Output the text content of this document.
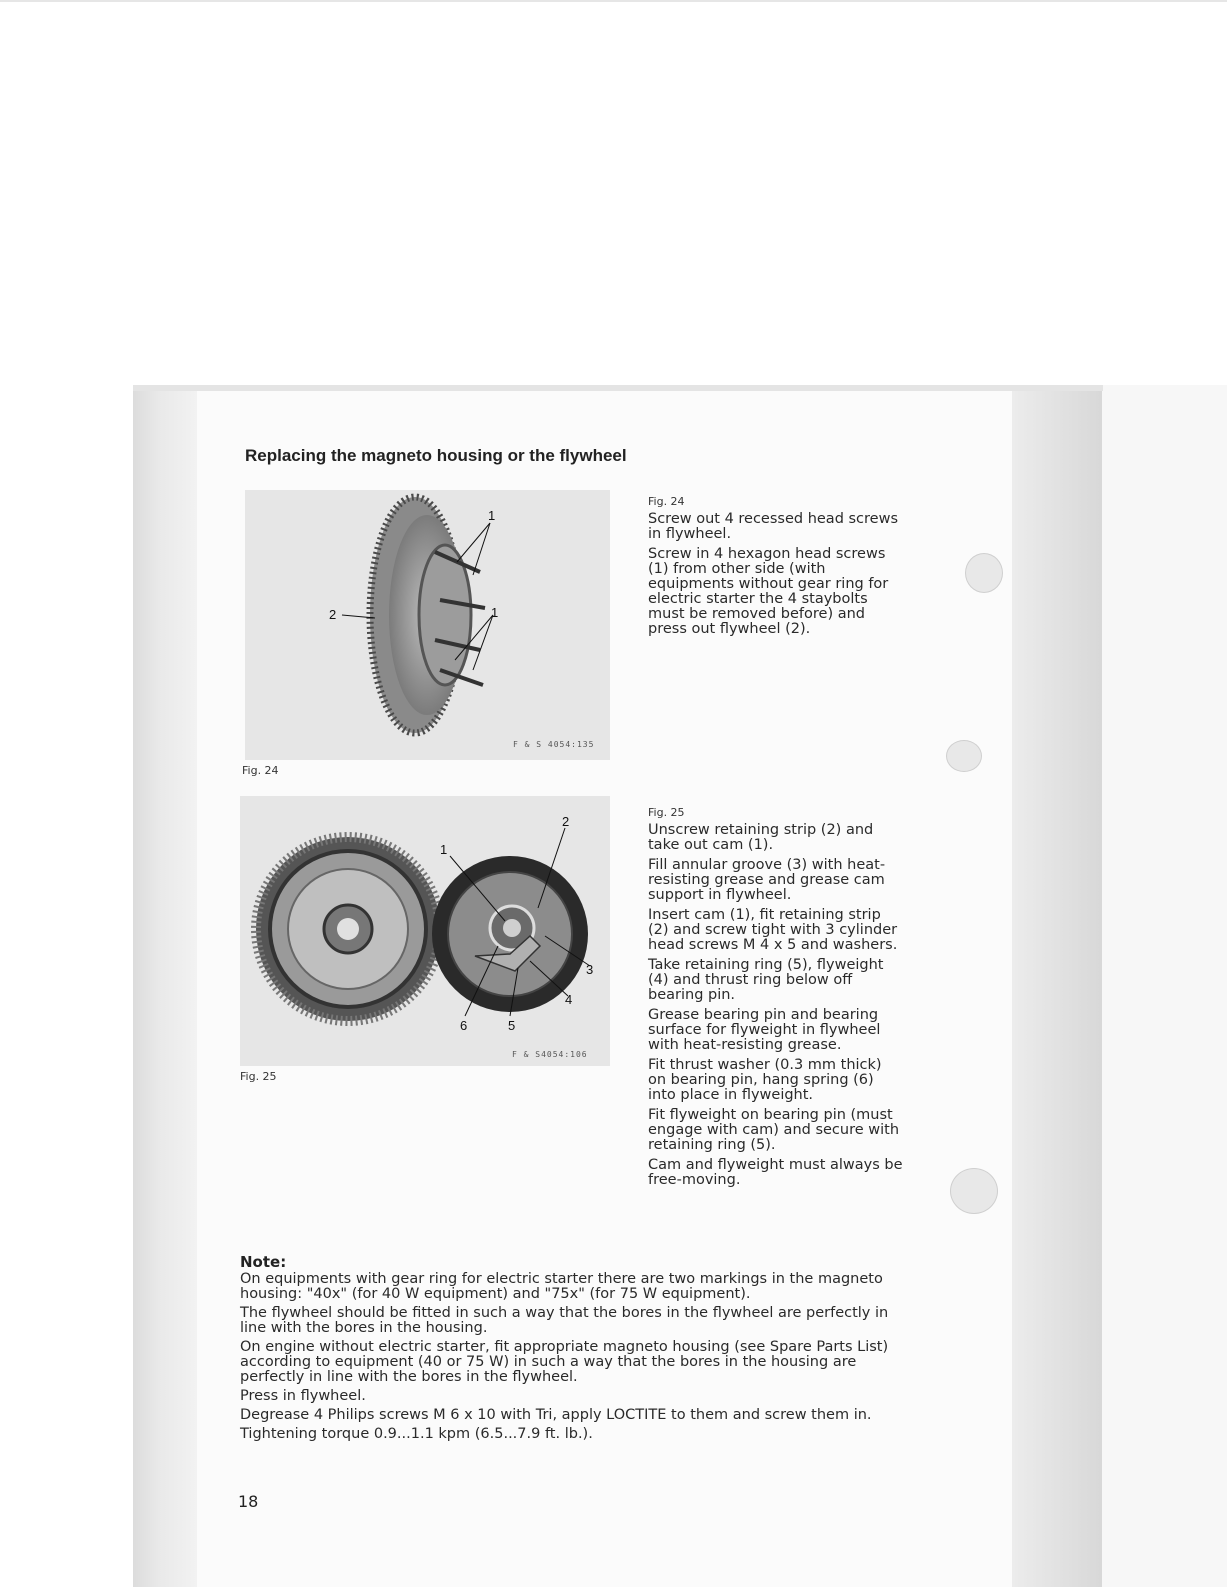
Replacing the magneto housing or the flywheel
1
2	1
F & S 4054:135
Fig. 24
Fig. 24

Screw out 4 recessed head screws in flywheel.

Screw in 4 hexagon head screws (1) from other side (with equipments without gear ring for electric starter the 4 staybolts must be removed before) and press out flywheel (2).

2
1
3
4
6	5
F & S4054:106
Fig. 25
Fig. 25

Unscrew retaining strip (2) and take out cam (1).

Fill annular groove (3) with heat-resisting grease and grease cam support in flywheel.

Insert cam (1), fit retaining strip (2) and screw tight with 3 cylinder head screws M 4 x 5 and washers.

Take retaining ring (5), flyweight (4) and thrust ring below off bearing pin.

Grease bearing pin and bearing surface for flyweight in flywheel with heat-resisting grease.

Fit thrust washer (0.3 mm thick) on bearing pin, hang spring (6) into place in flyweight.

Fit flyweight on bearing pin (must engage with cam) and secure with retaining ring (5).

Cam and flyweight must always be free-moving.

Note:

On equipments with gear ring for electric starter there are two markings in the magneto housing: "40x" (for 40 W equipment) and "75x" (for 75 W equipment).

The flywheel should be fitted in such a way that the bores in the flywheel are perfectly in line with the bores in the housing.

On engine without electric starter, fit appropriate magneto housing (see Spare Parts List) according to equipment (40 or 75 W) in such a way that the bores in the housing are perfectly in line with the bores in the flywheel.

Press in flywheel.

Degrease 4 Philips screws M 6 x 10 with Tri, apply LOCTITE to them and screw them in.

Tightening torque 0.9...1.1 kpm (6.5...7.9 ft. lb.).

18
